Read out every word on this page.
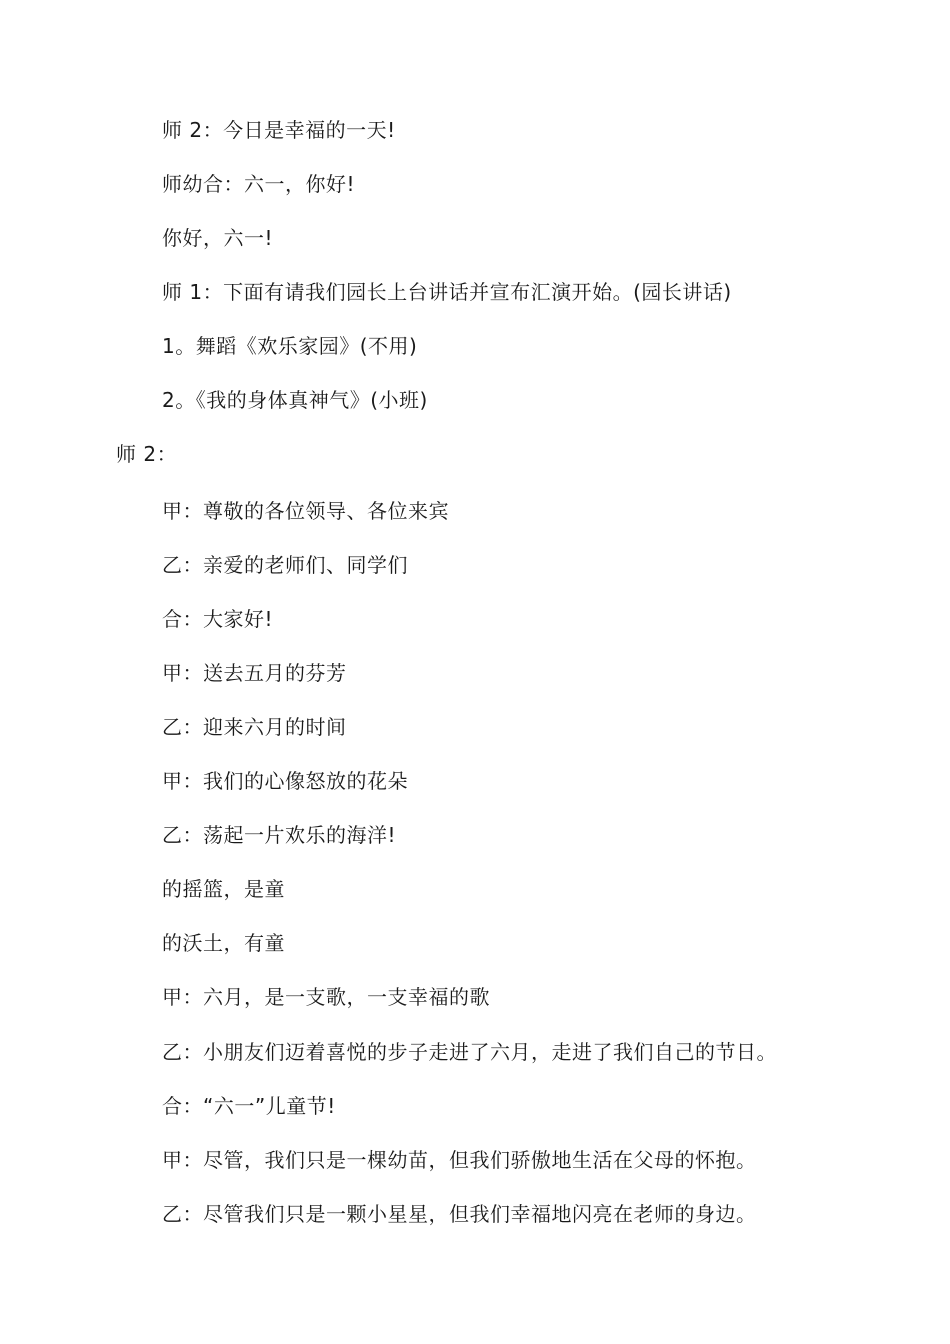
师 2：今日是幸福的一天!
师幼合：六一，你好!
你好，六一!
师 1：下面有请我们园长上台讲话并宣布汇演开始。(园长讲话)
1。舞蹈《欢乐家园》(不用)
2。《我的身体真神气》(小班)
师 2：
甲：尊敬的各位领导、各位来宾
乙：亲爱的老师们、同学们
合：大家好!
甲：送去五月的芬芳
乙：迎来六月的时间
甲：我们的心像怒放的花朵
乙：荡起一片欢乐的海洋!
的摇篮，是童
的沃土，有童
甲：六月，是一支歌，一支幸福的歌
乙：小朋友们迈着喜悦的步子走进了六月，走进了我们自己的节日。
合：“六一”儿童节!
甲：尽管，我们只是一棵幼苗，但我们骄傲地生活在父母的怀抱。
乙：尽管我们只是一颗小星星，但我们幸福地闪亮在老师的身边。
